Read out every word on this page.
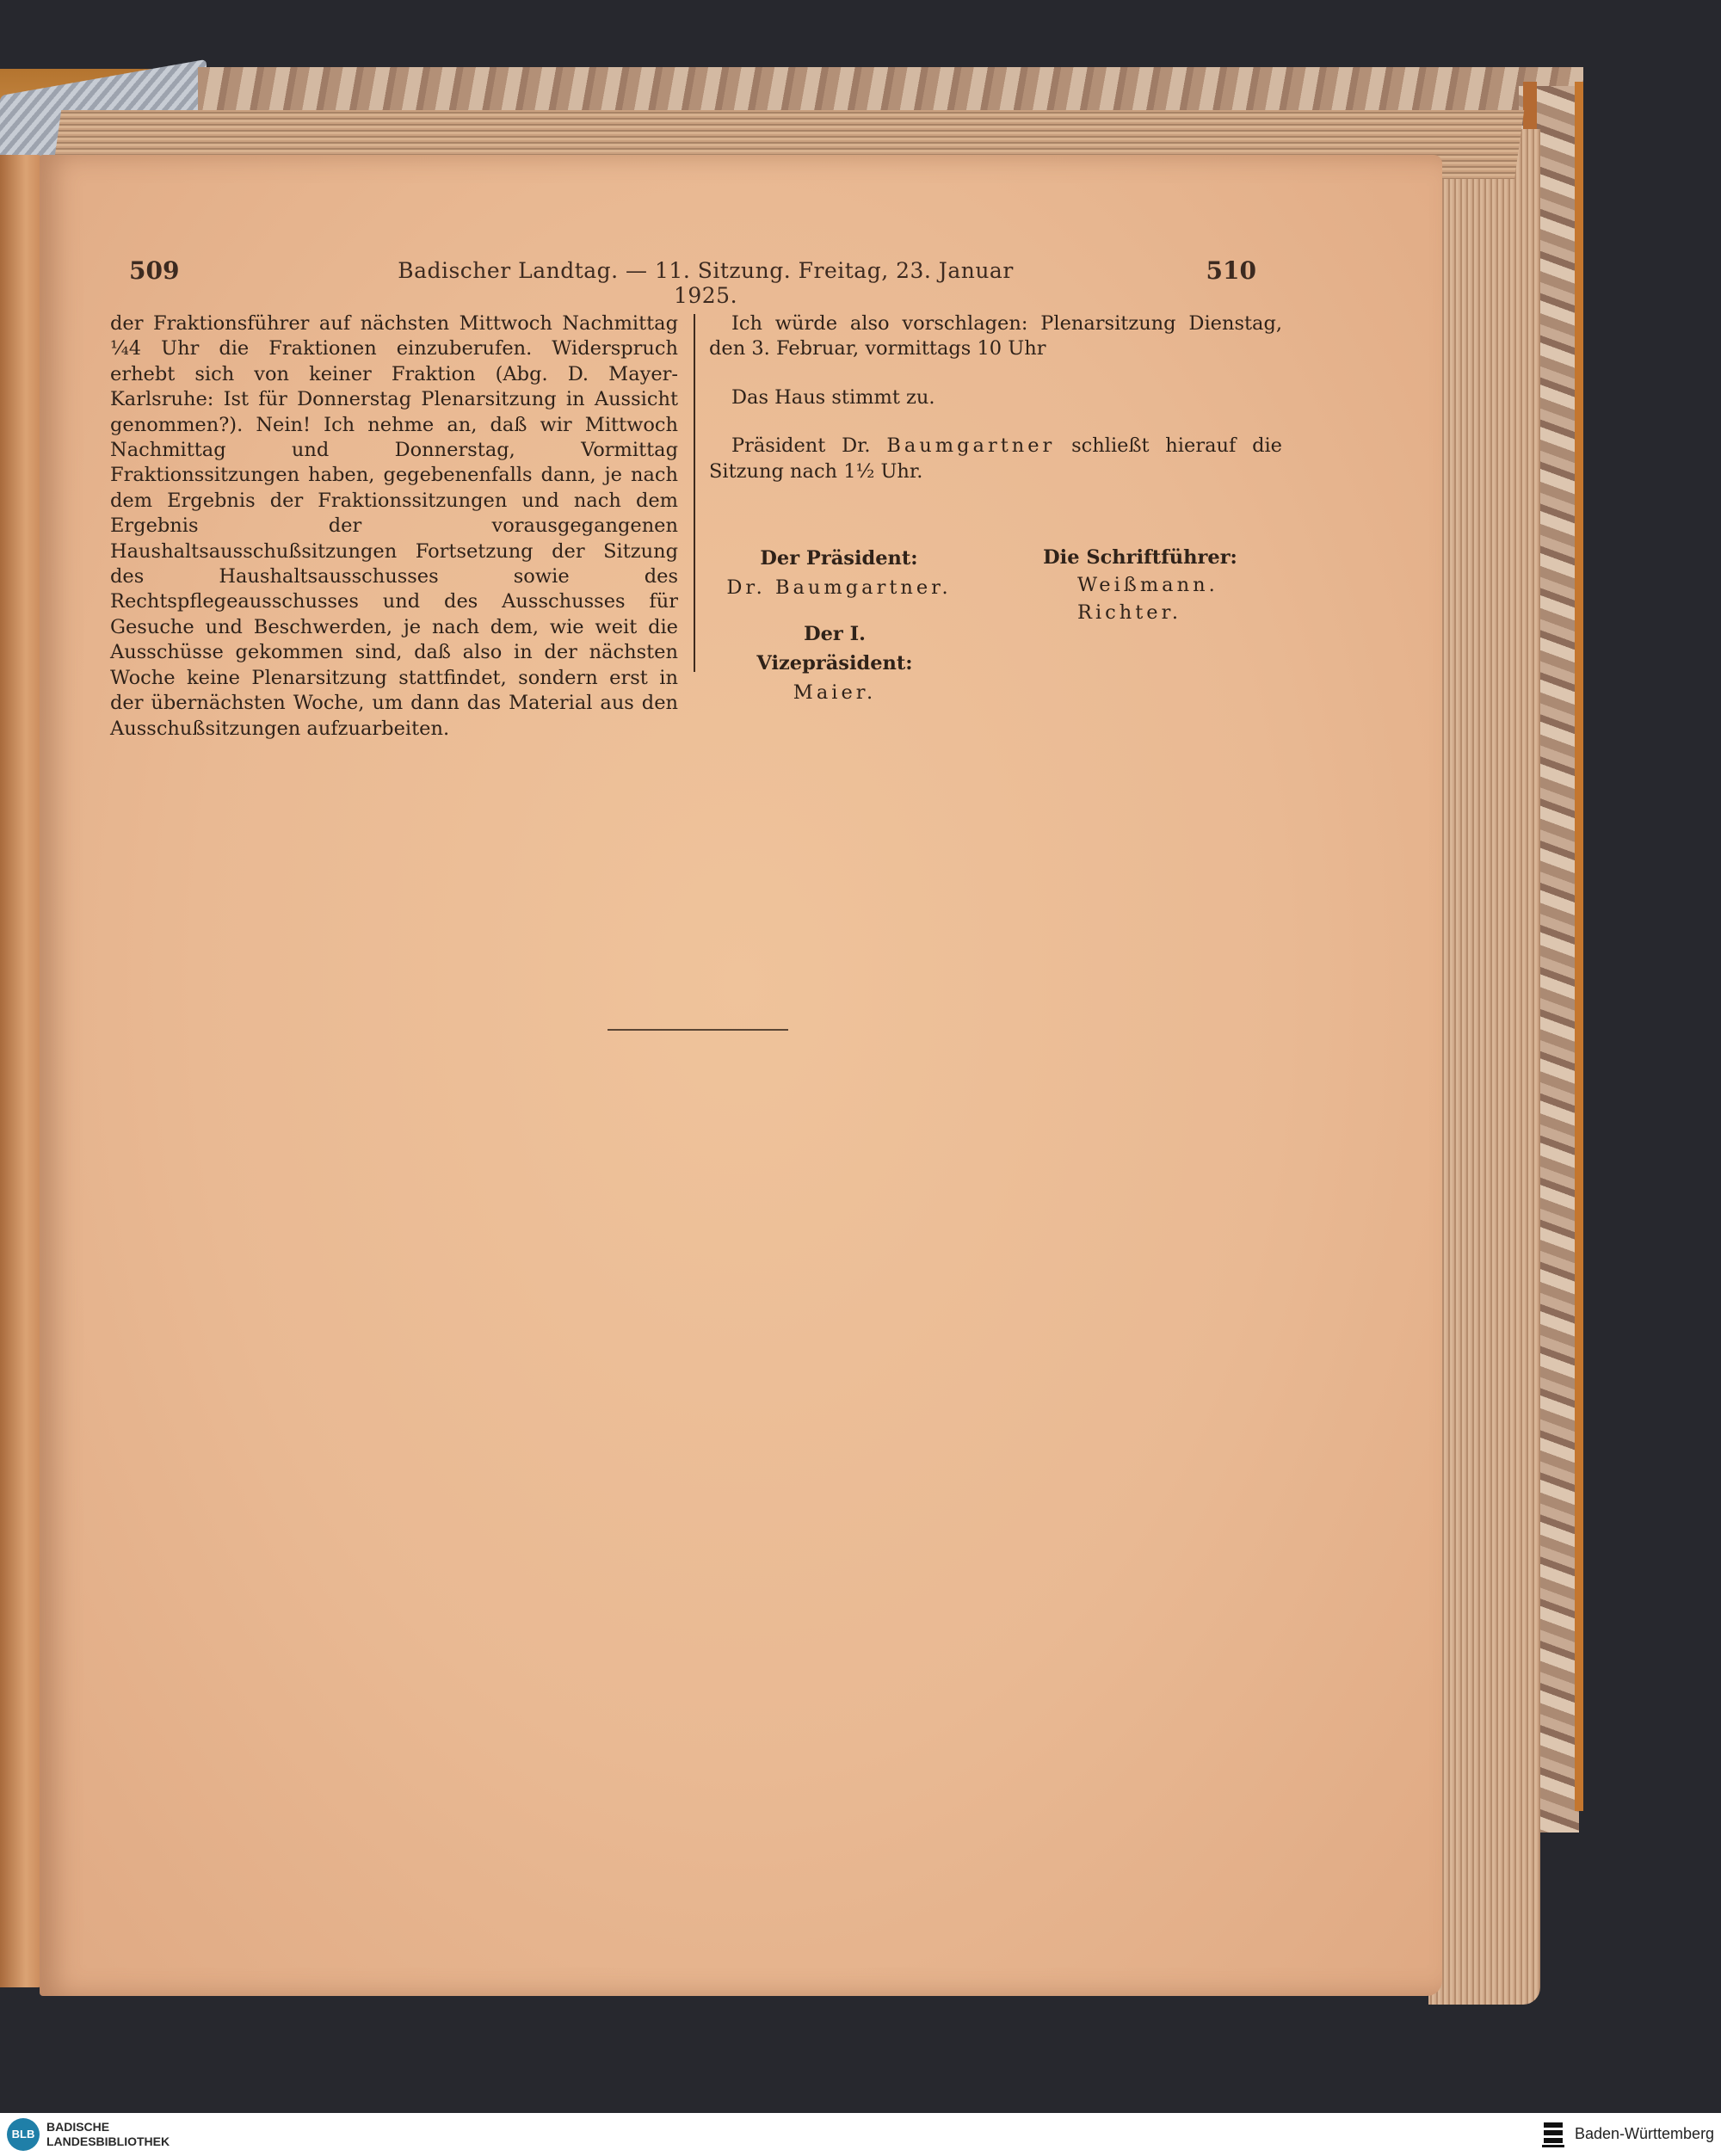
509	Badischer Landtag. — 11. Sitzung. Freitag, 23. Januar 1925.
510

der Fraktionsführer auf nächsten Mittwoch Nachmittag ¼4 Uhr die Fraktionen einzuberufen. Widerspruch erhebt sich von keiner Fraktion (Abg. D. Mayer-Karlsruhe: Ist für Donnerstag Plenarsitzung in Aussicht genommen?). Nein! Ich nehme an, daß wir Mittwoch Nachmittag und Donnerstag, Vormittag Fraktionssitzungen haben, gegebenenfalls dann, je nach dem Ergebnis der Fraktionssitzungen und nach dem Ergebnis der vorausgegangenen Haushaltsausschußsitzungen Fortsetzung der Sitzung des Haushaltsausschusses sowie des Rechtspflegeausschusses und des Ausschusses für Gesuche und Beschwerden, je nach dem, wie weit die Ausschüsse gekommen sind, daß also in der nächsten Woche keine Plenarsitzung stattfindet, sondern erst in der übernächsten Woche, um dann das Material aus den Ausschußsitzungen aufzuarbeiten.

Ich würde also vorschlagen: Plenarsitzung Dienstag, den 3. Februar, vormittags 10 Uhr

Das Haus stimmt zu.

Präsident Dr. Baumgartner schließt hierauf die Sitzung nach 1½ Uhr.

Der Präsident:
Dr. Baumgartner.
Die Schriftführer:
Weißmann.
Richter.
Der I. Vizepräsident:
Maier.
BLB
BADISCHE
LANDESBIBLIOTHEK	Baden-Württemberg
